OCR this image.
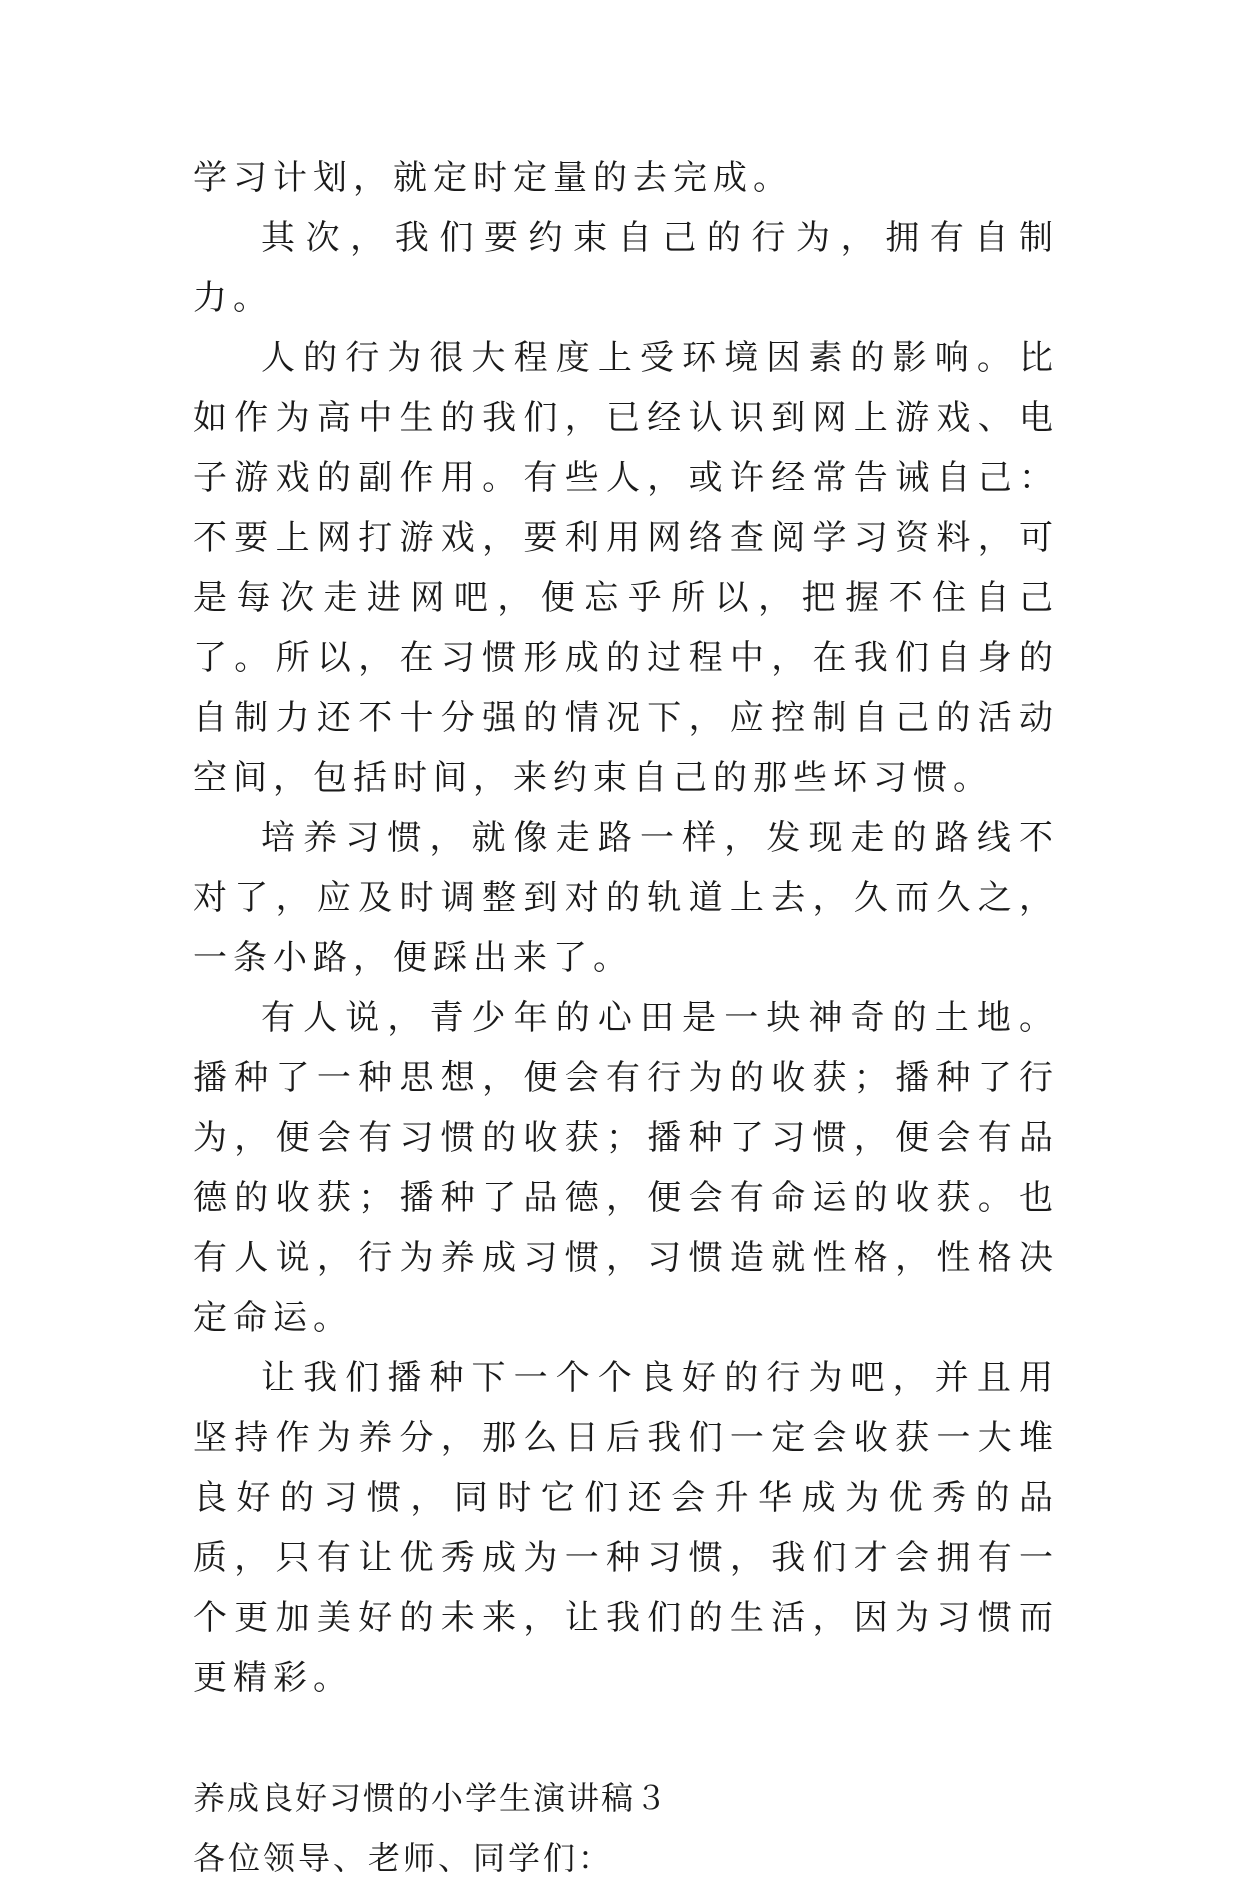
学习计划，就定时定量的去完成。

其次，我们要约束自己的行为，拥有自制力。

人的行为很大程度上受环境因素的影响。比如作为高中生的我们，已经认识到网上游戏、电子游戏的副作用。有些人，或许经常告诫自己：不要上网打游戏，要利用网络查阅学习资料，可是每次走进网吧，便忘乎所以，把握不住自己了。所以，在习惯形成的过程中，在我们自身的自制力还不十分强的情况下，应控制自己的活动空间，包括时间，来约束自己的那些坏习惯。

培养习惯，就像走路一样，发现走的路线不对了，应及时调整到对的轨道上去，久而久之，一条小路，便踩出来了。

有人说，青少年的心田是一块神奇的土地。播种了一种思想，便会有行为的收获；播种了行为，便会有习惯的收获；播种了习惯，便会有品德的收获；播种了品德，便会有命运的收获。也有人说，行为养成习惯，习惯造就性格，性格决定命运。

让我们播种下一个个良好的行为吧，并且用坚持作为养分，那么日后我们一定会收获一大堆良好的习惯，同时它们还会升华成为优秀的品质，只有让优秀成为一种习惯，我们才会拥有一个更加美好的未来，让我们的生活，因为习惯而更精彩。

养成良好习惯的小学生演讲稿３

各位领导、老师、同学们：
